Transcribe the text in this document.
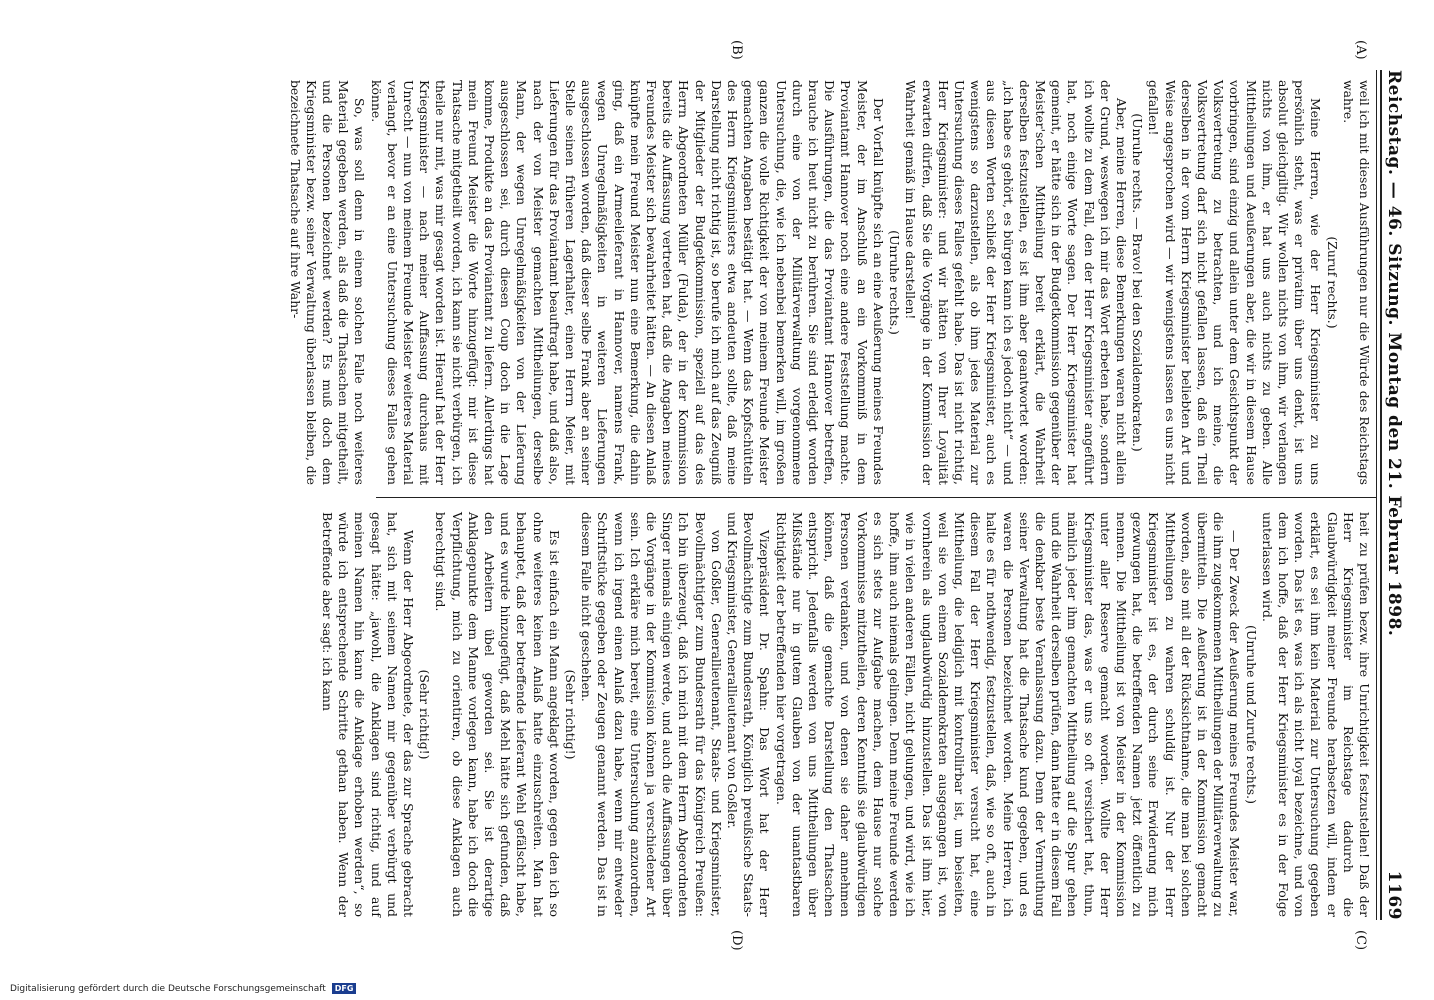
Reichstag. — 46. Sitzung. Montag den 21. Februar 1898.
1169
(A)
(B)
(C)
(D)

weil ich mit diesen Ausführungen nur die Würde des Reichstags wahre.

(Zuruf rechts.)

Meine Herren, wie der Herr Kriegsminister zu uns persönlich steht, was er privatim über uns denkt, ist uns absolut gleichgiltig. Wir wollen nichts von ihm, wir verlangen nichts von ihm, er hat uns auch nichts zu geben. Alle Mittheilungen und Aeußerungen aber, die wir in diesem Hause vorbringen, sind einzig und allein unter dem Gesichtspunkt der Volksvertretung zu betrachten, und ich meine, die Volksvertretung darf sich nicht gefallen lassen, daß ein Theil derselben in der vom Herrn Kriegsminister beliebten Art und Weise angesprochen wird — wir wenigstens lassen es uns nicht gefallen!

(Unruhe rechts. — Bravo! bei den Sozialdemokraten.)

Aber, meine Herren, diese Bemerkungen waren nicht allein der Grund, weswegen ich mir das Wort erbeten habe, sondern ich wollte zu dem Fall, den der Herr Kriegsminister angeführt hat, noch einige Worte sagen. Der Herr Kriegsminister hat gemeint, er hätte sich in der Budgetkommission gegenüber der Meister'schen Mittheilung bereit erklärt, die Wahrheit derselben festzustellen, es ist ihm aber geantwortet worden: „ich habe es gehört, es bürgen kann ich es jedoch nicht“ — und aus diesen Worten schließt der Herr Kriegsminister, auch es wenigstens so darzustellen, als ob ihm jedes Material zur Untersuchung dieses Falles gefehlt habe. Das ist nicht richtig, Herr Kriegsminister: und wir hätten von Ihrer Loyalität erwarten dürfen, daß Sie die Vorgänge in der Kommission der Wahrheit gemäß im Hause darstellen!

(Unruhe rechts.)

Der Vorfall knüpfte sich an eine Aeußerung meines Freundes Meister, der im Anschluß an ein Vorkommniß in dem Proviantamt Hannover noch eine andere Feststellung machte. Die Ausführungen, die das Proviantamt Hannover betreffen, brauche ich heut nicht zu berühren. Sie sind erledigt worden durch eine von der Militärverwaltung vorgenommene Untersuchung, die, wie ich nebenbei bemerken will, im großen ganzen die volle Richtigkeit der von meinem Freunde Meister gemachten Angaben bestätigt hat. — Wenn das Kopfschütteln des Herrn Kriegsministers etwa andeuten sollte, daß meine Darstellung nicht richtig ist, so berufe ich mich auf das Zeugniß der Mitglieder der Budgetkommission, speziell auf das des Herrn Abgeordneten Müller (Fulda), der in der Kommission bereits die Auffassung vertreten hat, daß die Angaben meines Freundes Meister sich bewahrheitet hätten. — An diesen Anlaß knüpfte mein Freund Meister nun eine Bemerkung, die dahin ging, daß ein Armeelieferant in Hannover, namens Frank, wegen Unregelmäßigkeiten in weiteren Lieferungen ausgeschlossen worden, daß dieser selbe Frank aber an seiner Stelle seinen früheren Lagerhalter, einen Herrn Meier, mit Lieferungen für das Proviantamt beauftragt habe, und daß also, nach der von Meister gemachten Mittheilungen, derselbe Mann, der wegen Unregelmäßigkeiten von der Lieferung ausgeschlossen sei, durch diesen Coup doch in die Lage komme, Produkte an das Proviantamt zu liefern. Allerdings hat mein Freund Meister die Worte hinzugefügt: mir ist diese Thatsache mitgetheilt worden, ich kann sie nicht verbürgen, ich theile nur mit, was mir gesagt worden ist. Hierauf hat der Herr Kriegsminister — nach meiner Auffassung durchaus mit Unrecht — nun von meinem Freunde Meister weiteres Material verlangt, bevor er an eine Untersuchung dieses Falles gehen könne.

So, was soll denn in einem solchen Falle noch weiteres Material gegeben werden, als daß die Thatsachen mitgetheilt, und die Personen bezeichnet werden? Es muß doch dem Kriegsminister bezw. seiner Verwaltung überlassen bleiben, die bezeichnete Thatsache auf ihre Wahr-

heit zu prüfen bezw. ihre Unrichtigkeit festzustellen! Daß der Herr Kriegsminister im Reichstage dadurch die Glaubwürdigkeit meiner Freunde herabsetzen will, indem er erklärt, es sei ihm kein Material zur Untersuchung gegeben worden. Das ist es, was ich als nicht loyal bezeichne, und von dem ich hoffe, daß der Herr Kriegsminister es in der Folge unterlassen wird.

(Unruhe und Zurufe rechts.)

— Der Zweck der Aeußerung meines Freundes Meister war, die ihm zugekommenen Mittheilungen der Militärverwaltung zu übermitteln. Die Aeußerung ist in der Kommission gemacht worden, also mit all der Rücksichtnahme, die man bei solchen Mittheilungen zu wahren schuldig ist. Nur der Herr Kriegsminister ist es, der durch seine Erwiderung mich gezwungen hat, die betreffenden Namen jetzt öffentlich zu nennen. Die Mittheilung ist von Meister in der Kommission unter aller Reserve gemacht worden. Wollte der Herr Kriegsminister das, was er uns so oft versichert hat, thun, nämlich jeder ihm gemachten Mittheilung auf die Spur gehen und die Wahrheit derselben prüfen, dann hatte er in diesem Fall die denkbar beste Veranlassung dazu. Denn der Vermuthung seiner Verwaltung hat die Thatsache kund gegeben, und es waren die Personen bezeichnet worden. Meine Herren, ich halte es für nothwendig, festzustellen, daß, wie so oft, auch in diesem Fall der Herr Kriegsminister versucht hat, eine Mittheilung, die lediglich mit kontrollirbar ist, um beiseiten, weil sie von einem Sozialdemokraten ausgegangen ist, von vornherein als unglaubwürdig hinzustellen. Das ist ihm hier, wie in vielen anderen Fällen, nicht gelungen, und wird, wie ich hoffe, ihm auch niemals gelingen. Denn meine Freunde werden es sich stets zur Aufgabe machen, dem Hause nur solche Vorkommnisse mitzutheilen, deren Kenntniß sie glaubwürdigen Personen verdanken, und von denen sie daher annehmen können, daß die gemachte Darstellung den Thatsachen entspricht. Jedenfalls werden von uns Mittheilungen über Mißstände nur in gutem Glauben von der unantastbaren Richtigkeit der betreffenden hier vorgetragen.

Vizepräsident Dr. Spahn: Das Wort hat der Herr Bevollmächtigte zum Bundesrath, Königlich preußische Staats- und Kriegsminister, Generallieutenant von Goßler.

von Goßler, Generallieutenant, Staats- und Kriegsminister, Bevollmächtigter zum Bundesrath für das Königreich Preußen: Ich bin überzeugt, daß ich mich mit dem Herrn Abgeordneten Singer niemals einigen werde, und auch die Auffassungen über die Vorgänge in der Kommission können ja verschiedener Art sein. Ich erkläre mich bereit, eine Untersuchung anzuordnen, wenn ich irgend einen Anlaß dazu habe, wenn mir entweder Schriftstücke gegeben oder Zeugen genannt werden. Das ist in diesem Falle nicht geschehen.

(Sehr richtig!)

Es ist einfach ein Mann angeklagt worden, gegen den ich so ohne weiteres keinen Anlaß hatte einzuschreiten. Man hat behauptet, daß der betreffende Lieferant Wehl gefälscht habe, und es wurde hinzugefügt, daß Mehl hätte sich gefunden, daß den Arbeitern übel geworden sei. Sie ist derartige Anklagepunkte dem Manne vorlegen kann, habe ich doch die Verpflichtung, mich zu orientiren, ob diese Anklagen auch berechtigt sind.

(Sehr richtig!)

Wenn der Herr Abgeordnete, der das zur Sprache gebracht hat, sich mit seinem Namen mir gegenüber verbürgt und gesagt hätte: „jawohl, die Anklagen sind richtig, und auf meinen Namen hin kann die Anklage erhoben werden“, so würde ich entsprechende Schritte gethan haben. Wenn der Betreffende aber sagt: ich kann

Digitalisierung gefördert durch die Deutsche Forschungsgemeinschaft	DFG
